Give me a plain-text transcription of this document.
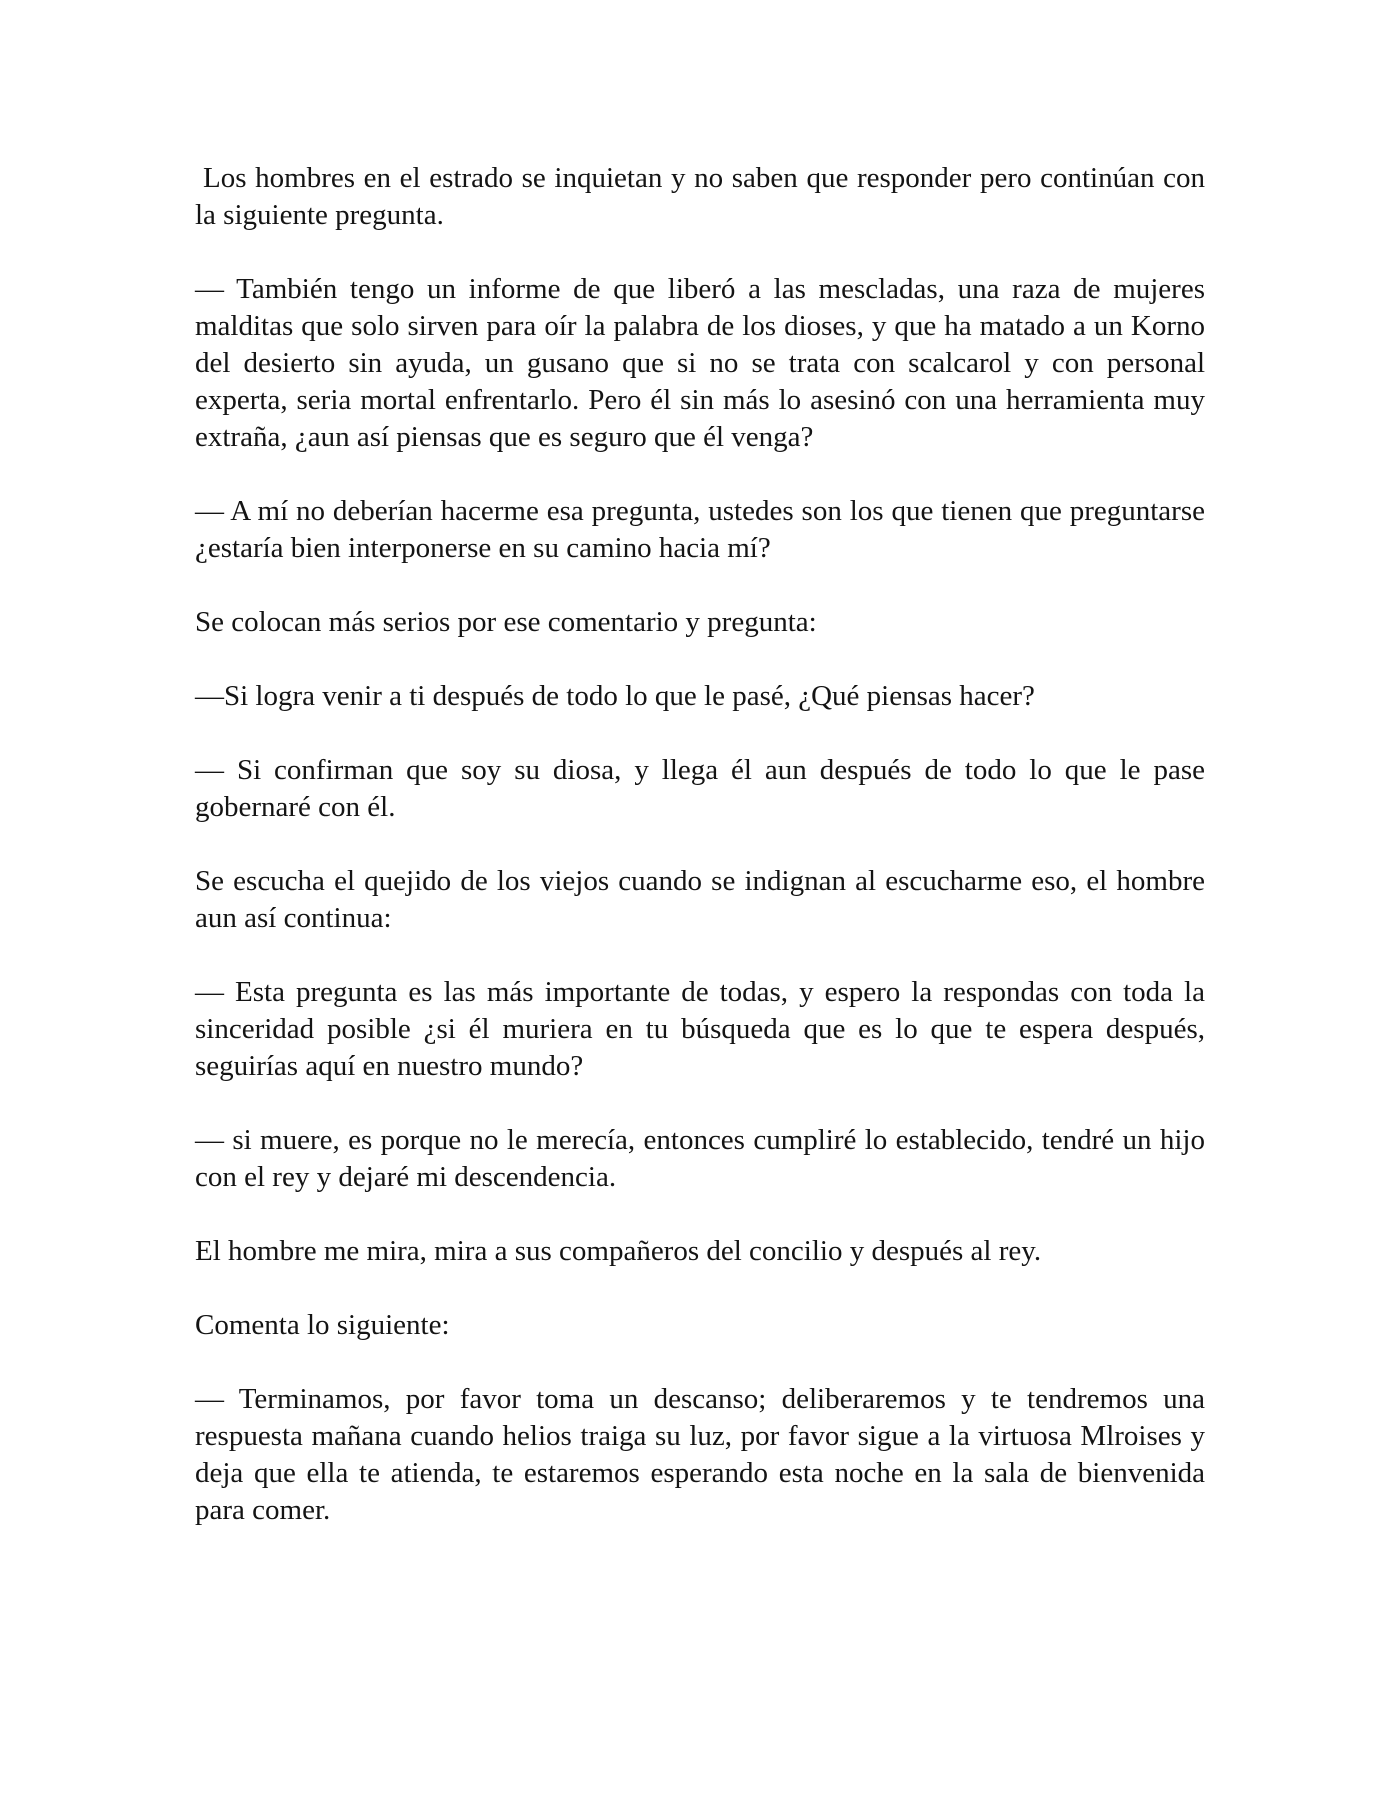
Los hombres en el estrado se inquietan y no saben que responder pero continúan con la siguiente pregunta.

— También tengo un informe de que liberó a las mescladas, una raza de mujeres malditas que solo sirven para oír la palabra de los dioses, y que ha matado a un Korno del desierto sin ayuda, un gusano que si no se trata con scalcarol y con personal experta, seria mortal enfrentarlo. Pero él sin más lo asesinó con una herramienta muy extraña, ¿aun así piensas que es seguro que él venga?

— A mí no deberían hacerme esa pregunta, ustedes son los que tienen que preguntarse ¿estaría bien interponerse en su camino hacia mí?

Se colocan más serios por ese comentario y pregunta:

—Si logra venir a ti después de todo lo que le pasé, ¿Qué piensas hacer?

— Si confirman que soy su diosa, y llega él aun después de todo lo que le pase gobernaré con él.

Se escucha el quejido de los viejos cuando se indignan al escucharme eso, el hombre aun así continua:

— Esta pregunta es las más importante de todas, y espero la respondas con toda la sinceridad posible ¿si él muriera en tu búsqueda que es lo que te espera después, seguirías aquí en nuestro mundo?

— si muere, es porque no le merecía, entonces cumpliré lo establecido, tendré un hijo con el rey y dejaré mi descendencia.

El hombre me mira, mira a sus compañeros del concilio y después al rey.

Comenta lo siguiente:

— Terminamos, por favor toma un descanso; deliberaremos y te tendremos una respuesta mañana cuando helios traiga su luz, por favor sigue a la virtuosa Mlroises y deja que ella te atienda, te estaremos esperando esta noche en la sala de bienvenida para comer.
